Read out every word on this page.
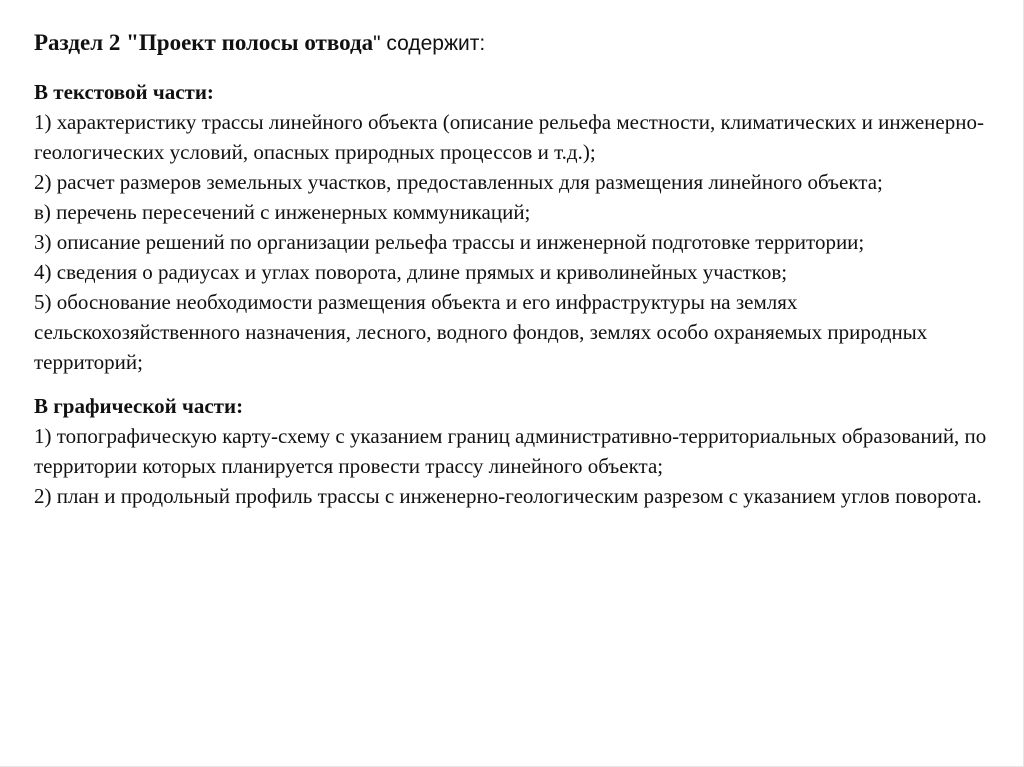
Раздел 2 "Проект полосы отвода" содержит:
В текстовой части:
1) характеристику трассы линейного объекта (описание рельефа местности, климатических и инженерно-геологических условий, опасных природных процессов и т.д.);
2) расчет размеров земельных участков, предоставленных для размещения линейного объекта;
в) перечень пересечений с инженерных коммуникаций;
3) описание решений по организации рельефа трассы и инженерной подготовке территории;
4) сведения о радиусах и углах поворота, длине прямых и криволинейных участков;
5) обоснование необходимости размещения объекта и его инфраструктуры на землях сельскохозяйственного назначения, лесного, водного фондов, землях особо охраняемых природных территорий;
В графической части:
1) топографическую карту-схему с указанием границ административно-территориальных образований, по территории которых планируется провести трассу линейного объекта;
2) план и продольный профиль трассы с инженерно-геологическим разрезом с указанием углов поворота.
